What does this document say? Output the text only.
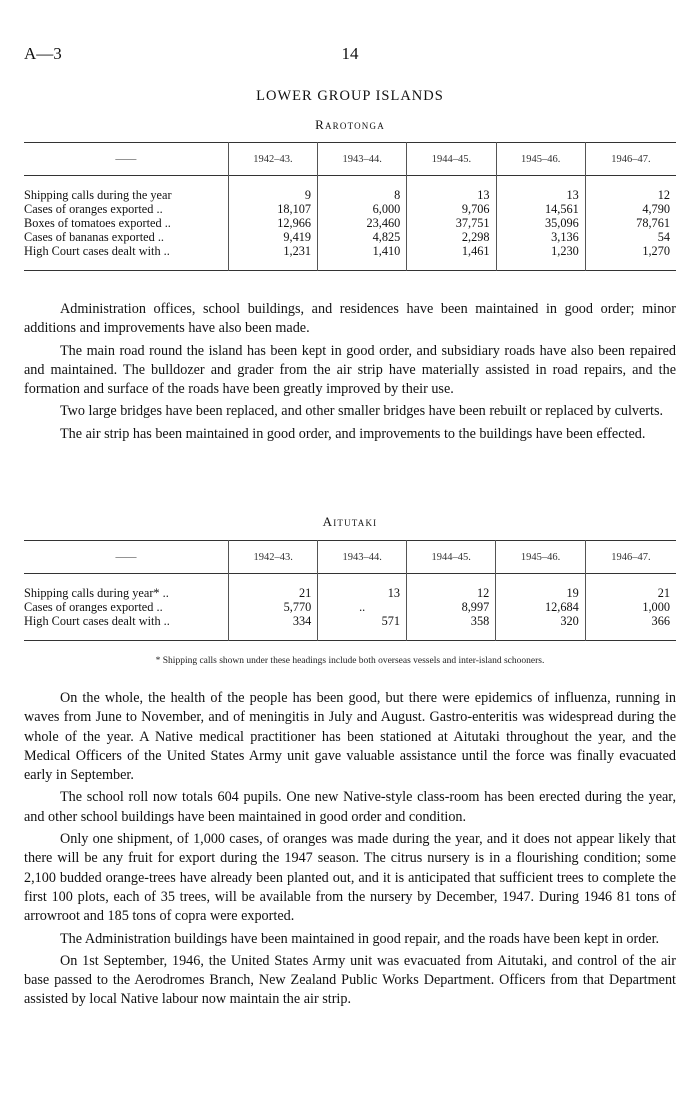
A—3	14
LOWER GROUP ISLANDS
Rarotonga
——	1942–43.	1943–44.	1944–45.	1945–46.	1946–47.
Shipping calls during the year	9	8	13	13	12
Cases of oranges exported ..	18,107	6,000	9,706	14,561	4,790
Boxes of tomatoes exported ..	12,966	23,460	37,751	35,096	78,761
Cases of bananas exported ..	9,419	4,825	2,298	3,136	54
High Court cases dealt with ..	1,231	1,410	1,461	1,230	1,270

Administration offices, school buildings, and residences have been maintained in good order; minor additions and improvements have also been made.

The main road round the island has been kept in good order, and subsidiary roads have also been repaired and maintained. The bulldozer and grader from the air strip have materially assisted in road repairs, and the formation and surface of the roads have been greatly improved by their use.

Two large bridges have been replaced, and other smaller bridges have been rebuilt or replaced by culverts.

The air strip has been maintained in good order, and improvements to the buildings have been effected.

Aitutaki
——	1942–43.	1943–44.	1944–45.	1945–46.	1946–47.
Shipping calls during year* ..	21	13	12	19	21
Cases of oranges exported ..	5,770	..	8,997	12,684	1,000
High Court cases dealt with ..	334	571	358	320	366
* Shipping calls shown under these headings include both overseas vessels and inter-island schooners.

On the whole, the health of the people has been good, but there were epidemics of influenza, running in waves from June to November, and of meningitis in July and August. Gastro-enteritis was widespread during the whole of the year. A Native medical practitioner has been stationed at Aitutaki throughout the year, and the Medical Officers of the United States Army unit gave valuable assistance until the force was finally evacuated early in September.

The school roll now totals 604 pupils. One new Native-style class-room has been erected during the year, and other school buildings have been maintained in good order and condition.

Only one shipment, of 1,000 cases, of oranges was made during the year, and it does not appear likely that there will be any fruit for export during the 1947 season. The citrus nursery is in a flourishing condition; some 2,100 budded orange-trees have already been planted out, and it is anticipated that sufficient trees to complete the first 100 plots, each of 35 trees, will be available from the nursery by December, 1947. During 1946 81 tons of arrowroot and 185 tons of copra were exported.

The Administration buildings have been maintained in good repair, and the roads have been kept in order.

On 1st September, 1946, the United States Army unit was evacuated from Aitutaki, and control of the air base passed to the Aerodromes Branch, New Zealand Public Works Department. Officers from that Department assisted by local Native labour now maintain the air strip.
